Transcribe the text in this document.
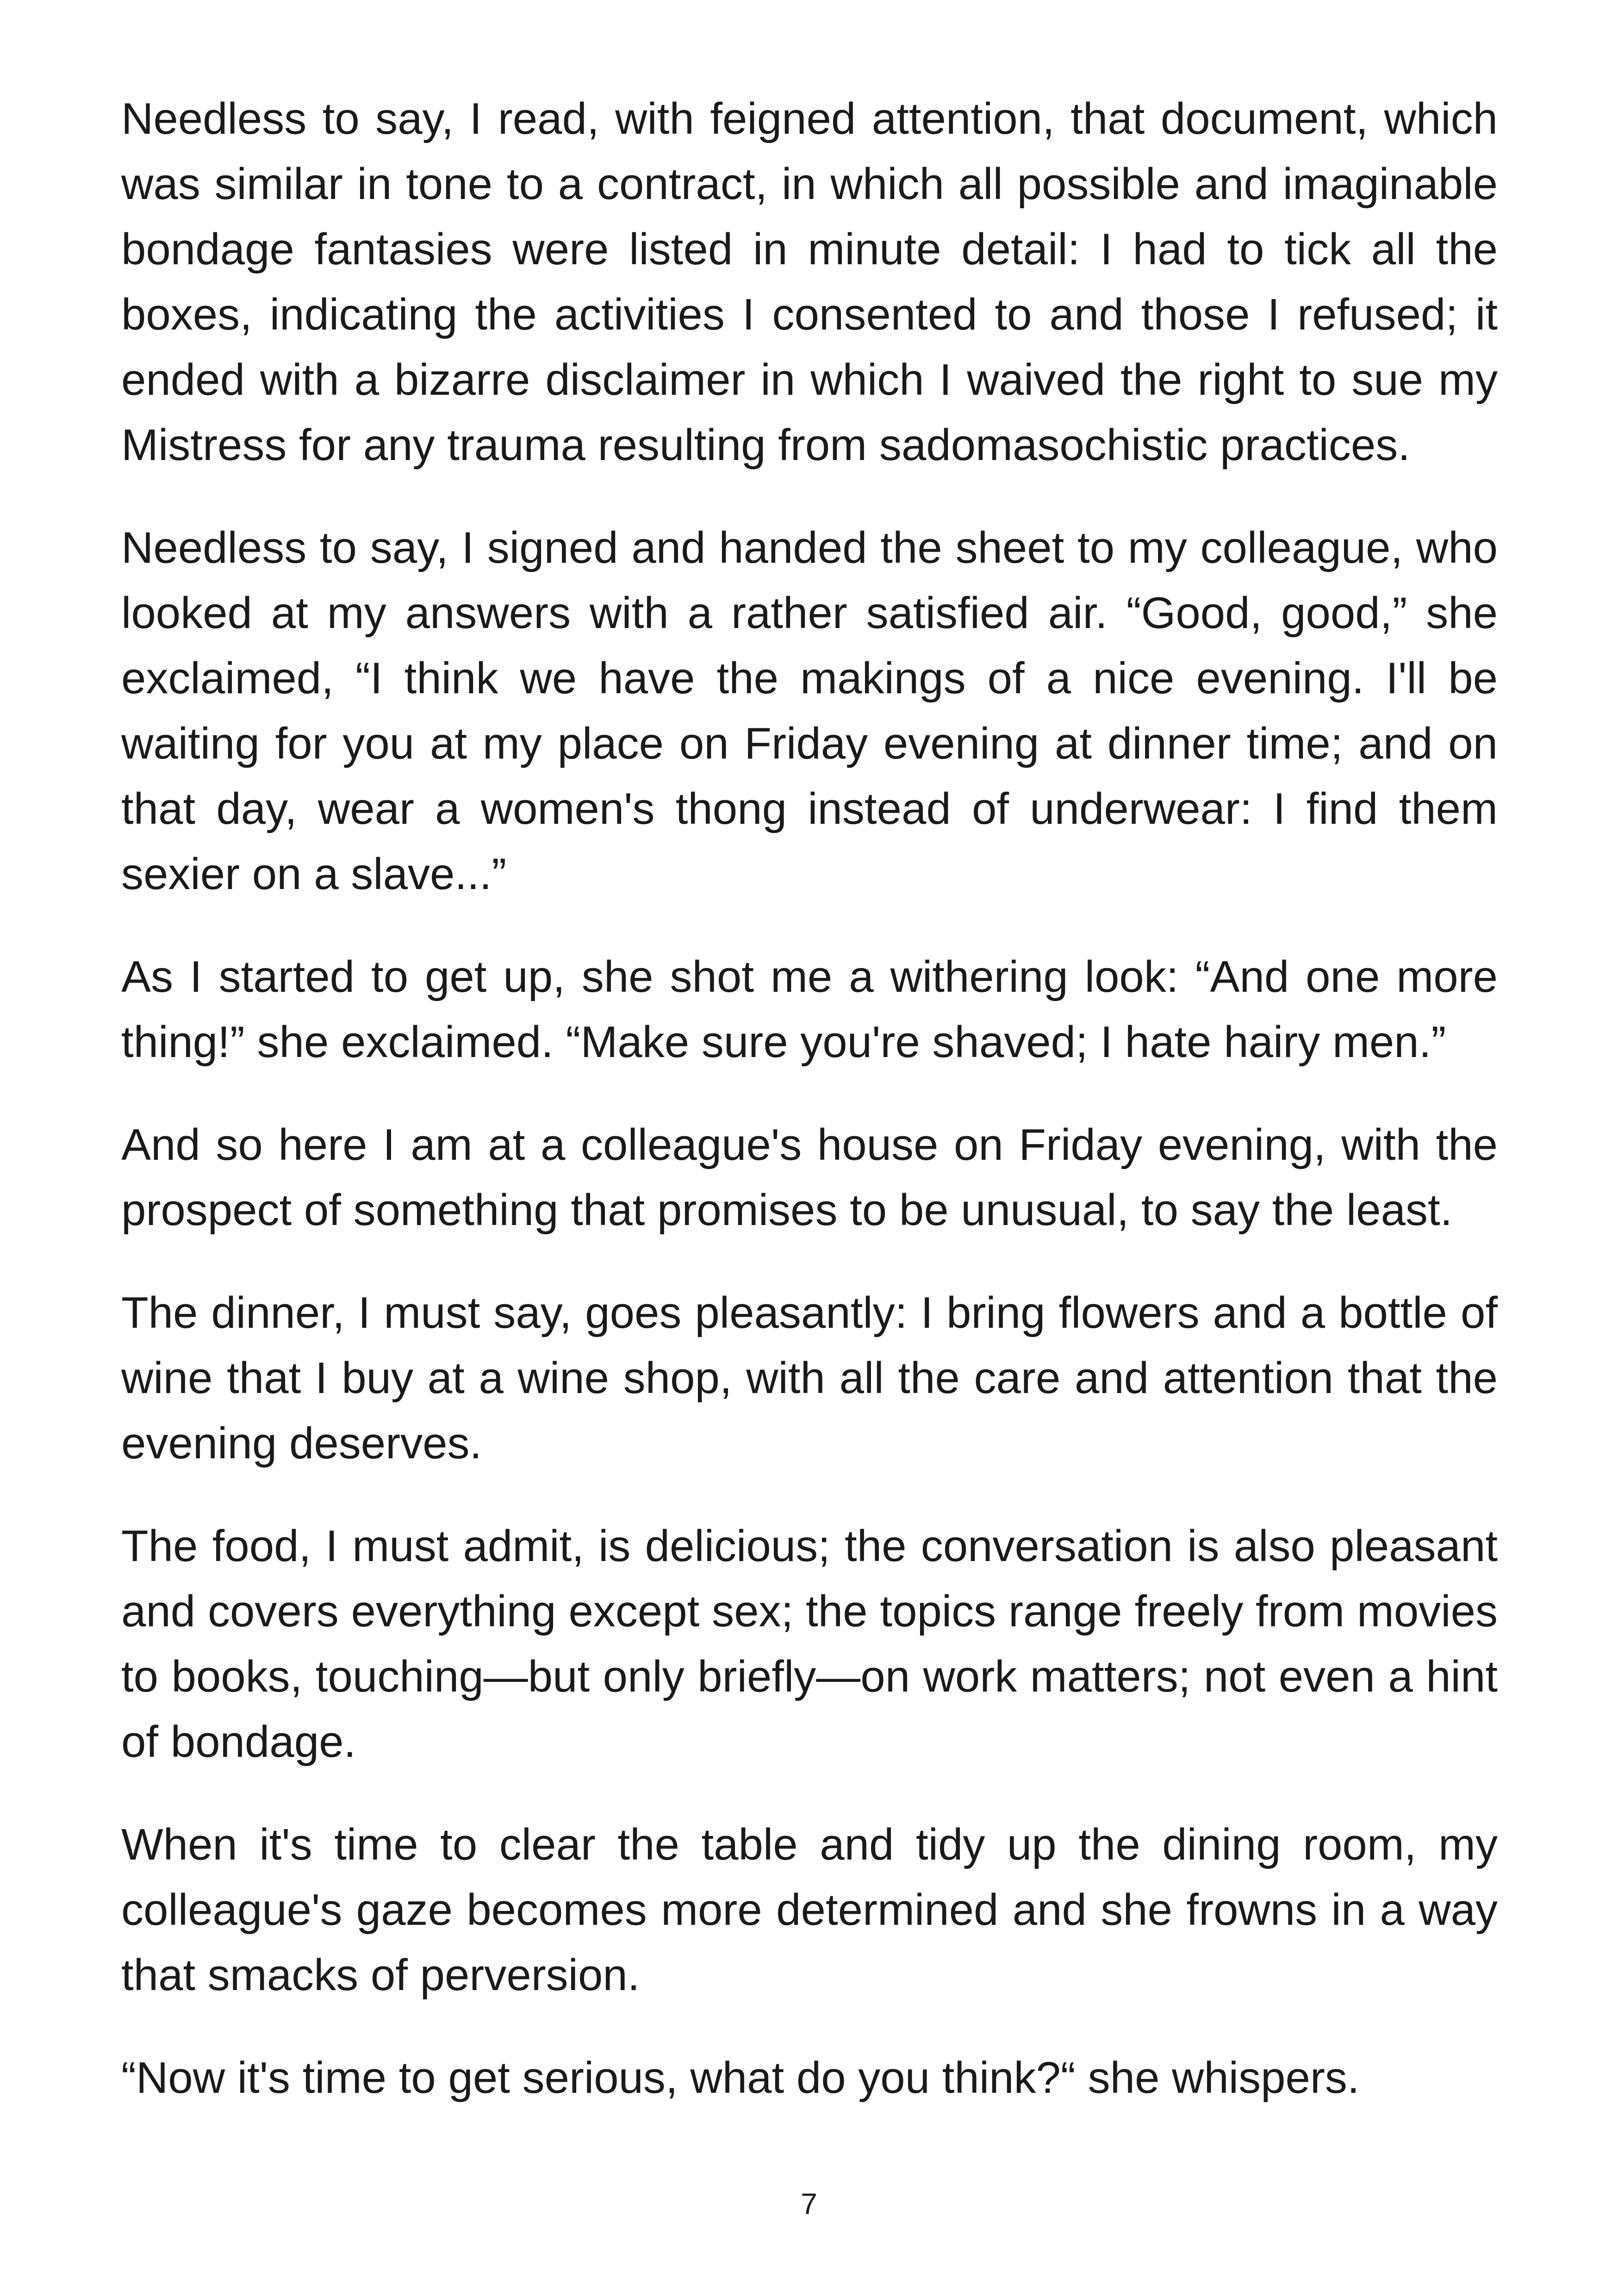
Needless to say, I read, with feigned attention, that document, which was similar in tone to a contract, in which all possible and imaginable bondage fantasies were listed in minute detail: I had to tick all the boxes, indicating the activities I consented to and those I refused; it ended with a bizarre disclaimer in which I waived the right to sue my Mistress for any trauma resulting from sadomasochistic practices.

Needless to say, I signed and handed the sheet to my colleague, who looked at my answers with a rather satisfied air. “Good, good,” she exclaimed, “I think we have the makings of a nice evening. I'll be waiting for you at my place on Friday evening at dinner time; and on that day, wear a women's thong instead of underwear: I find them sexier on a slave...”

As I started to get up, she shot me a withering look: “And one more thing!” she exclaimed. “Make sure you're shaved; I hate hairy men.”

And so here I am at a colleague's house on Friday evening, with the prospect of something that promises to be unusual, to say the least.

The dinner, I must say, goes pleasantly: I bring flowers and a bottle of wine that I buy at a wine shop, with all the care and attention that the evening deserves.

The food, I must admit, is delicious; the conversation is also pleasant and covers everything except sex; the topics range freely from movies to books, touching—but only briefly—on work matters; not even a hint of bondage.

When it's time to clear the table and tidy up the dining room, my colleague's gaze becomes more determined and she frowns in a way that smacks of perversion.

“Now it's time to get serious, what do you think?“ she whispers.

7
